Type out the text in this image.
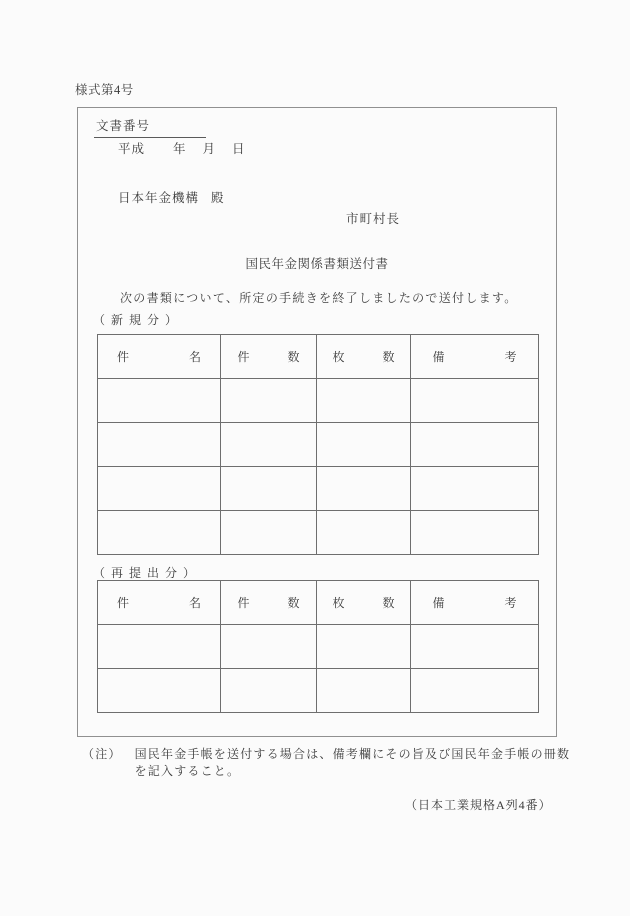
様式第4号
文書番号
平成 年 月 日
日本年金機構 殿
市町村長
国民年金関係書類送付書
次の書類について、所定の手続きを終了しましたので送付します。
（ 新 規 分 ）
件 名	件 数	枚 数	備 考

（ 再 提 出 分 ）
件 名	件 数	枚 数	備 考

（注） 国民年金手帳を送付する場合は、備考欄にその旨及び国民年金手帳の冊数を記入すること。

（日本工業規格A列4番）
